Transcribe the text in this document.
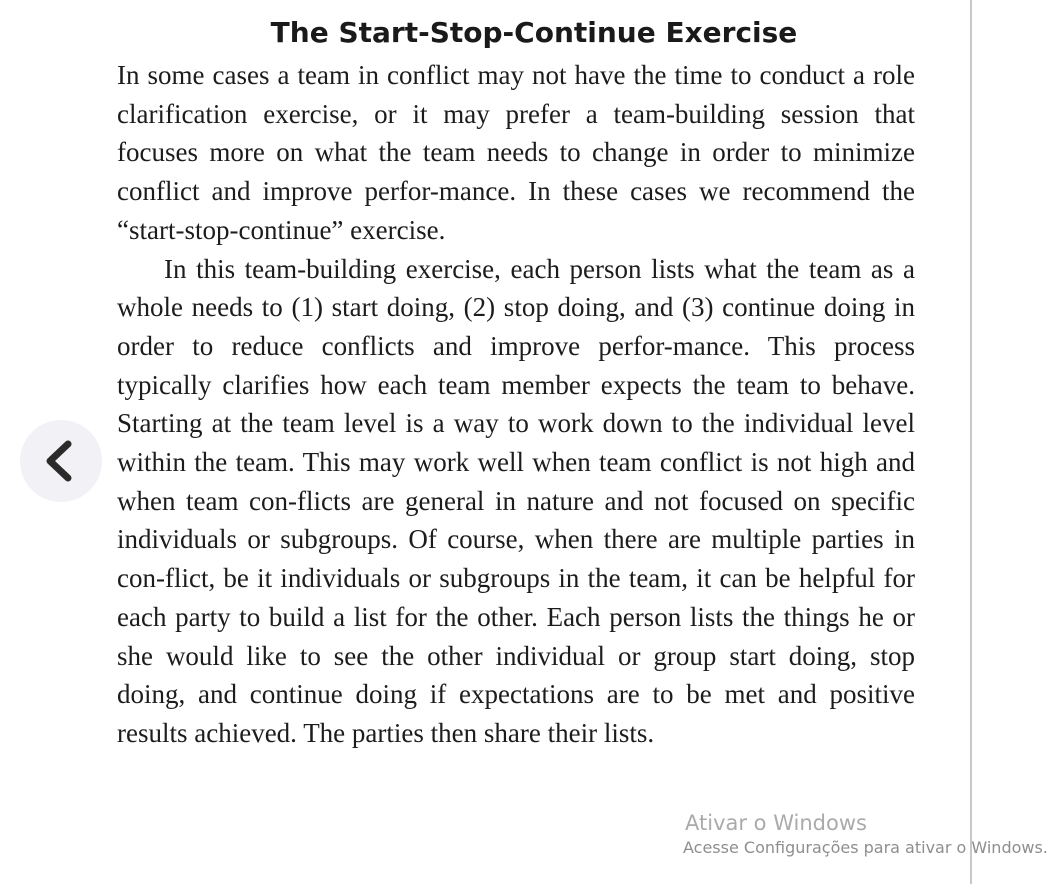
The Start-Stop-Continue Exercise

In some cases a team in conflict may not have the time to conduct a role clarification exercise, or it may prefer a team-building session that focuses more on what the team needs to change in order to minimize conflict and improve perfor-mance. In these cases we recommend the “start-stop-continue” exercise.

In this team-building exercise, each person lists what the team as a whole needs to (1) start doing, (2) stop doing, and (3) continue doing in order to reduce conflicts and improve perfor-mance. This process typically clarifies how each team member expects the team to behave. Starting at the team level is a way to work down to the individual level within the team. This may work well when team conflict is not high and when team con-flicts are general in nature and not focused on specific individuals or subgroups. Of course, when there are multiple parties in con-flict, be it individuals or subgroups in the team, it can be helpful for each party to build a list for the other. Each person lists the things he or she would like to see the other individual or group start doing, stop doing, and continue doing if expectations are to be met and positive results achieved. The parties then share their lists.

Ativar o Windows
Acesse Configurações para ativar o Windows.
